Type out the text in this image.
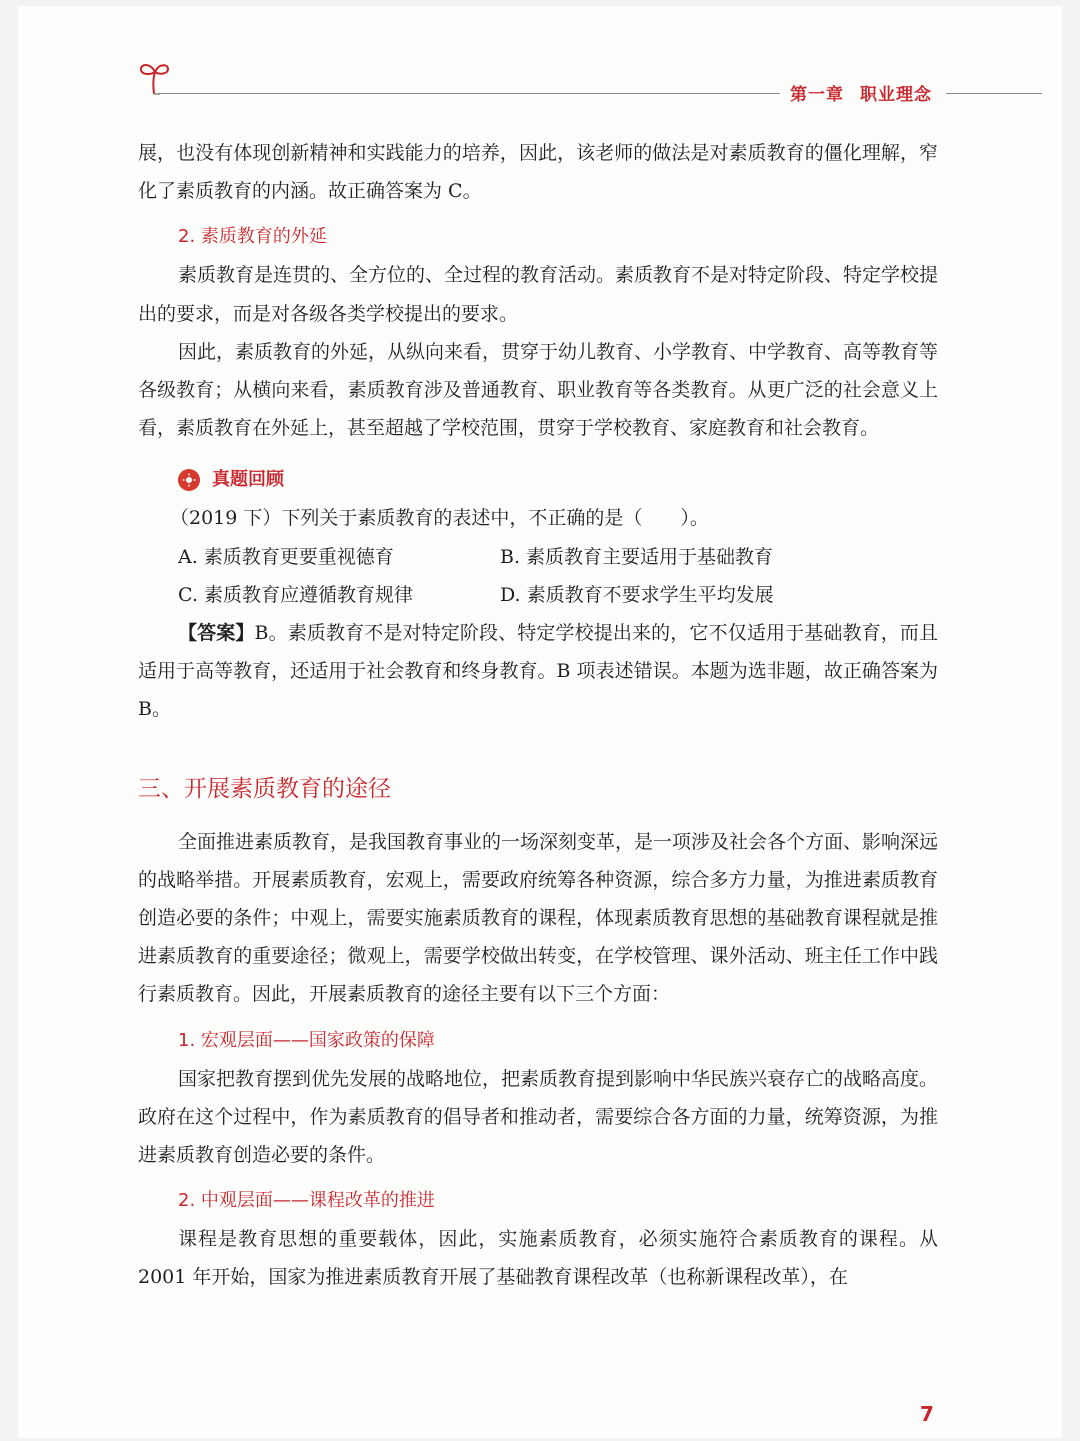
第一章 职业理念

展，也没有体现创新精神和实践能力的培养，因此，该老师的做法是对素质教育的僵化理解，窄化了素质教育的内涵。故正确答案为 C。

2. 素质教育的外延

素质教育是连贯的、全方位的、全过程的教育活动。素质教育不是对特定阶段、特定学校提出的要求，而是对各级各类学校提出的要求。

因此，素质教育的外延，从纵向来看，贯穿于幼儿教育、小学教育、中学教育、高等教育等各级教育；从横向来看，素质教育涉及普通教育、职业教育等各类教育。从更广泛的社会意义上看，素质教育在外延上，甚至超越了学校范围，贯穿于学校教育、家庭教育和社会教育。

真题回顾

（2019 下）下列关于素质教育的表述中，不正确的是（　　）。

A. 素质教育更要重视德育	B. 素质教育主要适用于基础教育
C. 素质教育应遵循教育规律	D. 素质教育不要求学生平均发展

【答案】B。素质教育不是对特定阶段、特定学校提出来的，它不仅适用于基础教育，而且适用于高等教育，还适用于社会教育和终身教育。B 项表述错误。本题为选非题，故正确答案为 B。

三、开展素质教育的途径

全面推进素质教育，是我国教育事业的一场深刻变革，是一项涉及社会各个方面、影响深远的战略举措。开展素质教育，宏观上，需要政府统筹各种资源，综合多方力量，为推进素质教育创造必要的条件；中观上，需要实施素质教育的课程，体现素质教育思想的基础教育课程就是推进素质教育的重要途径；微观上，需要学校做出转变，在学校管理、课外活动、班主任工作中践行素质教育。因此，开展素质教育的途径主要有以下三个方面：

1. 宏观层面——国家政策的保障

国家把教育摆到优先发展的战略地位，把素质教育提到影响中华民族兴衰存亡的战略高度。政府在这个过程中，作为素质教育的倡导者和推动者，需要综合各方面的力量，统筹资源，为推进素质教育创造必要的条件。

2. 中观层面——课程改革的推进

课程是教育思想的重要载体，因此，实施素质教育，必须实施符合素质教育的课程。从 2001 年开始，国家为推进素质教育开展了基础教育课程改革（也称新课程改革），在

7
